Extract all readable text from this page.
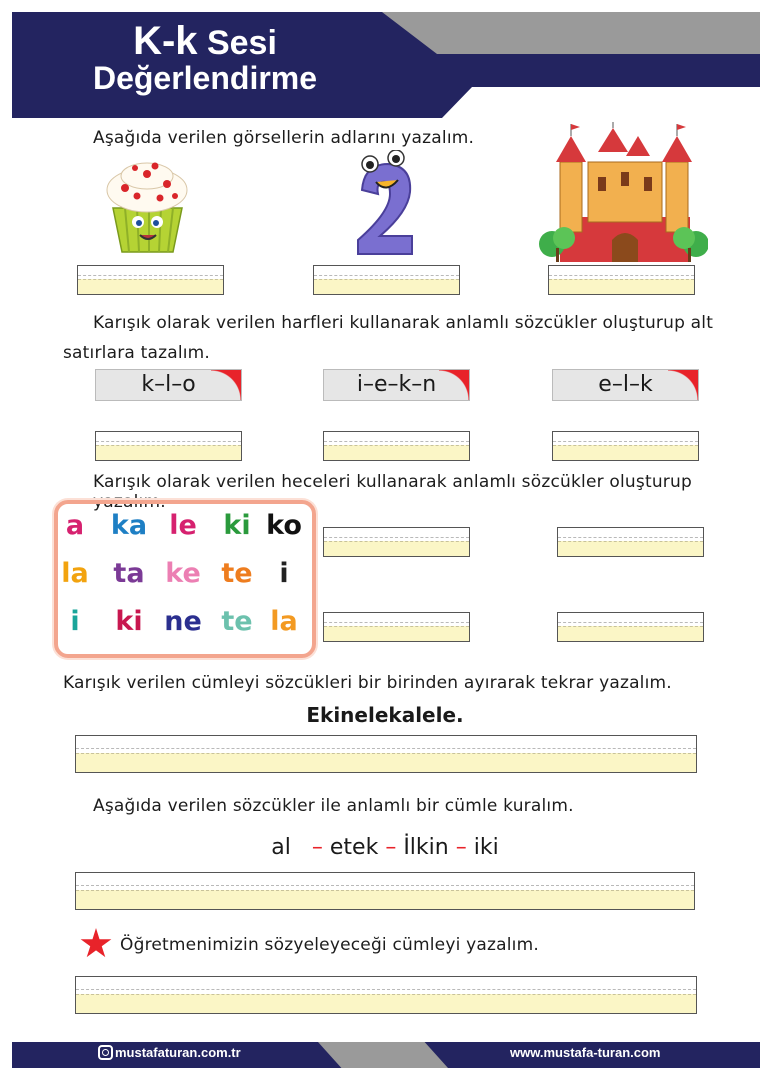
K-k Sesi
Değerlendirme
Aşağıda verilen görsellerin adlarını yazalım.
Karışık olarak verilen harfleri kullanarak anlamlı sözcükler oluşturup alt
satırlara tazalım.
k–l–o	i–e–k–n	e–l–k
Karışık olarak verilen heceleri kullanarak anlamlı sözcükler oluşturup yazalım.
a ka le ki ko
la ta ke te i
i	ki ne te la
Karışık verilen cümleyi sözcükleri bir birinden ayırarak tekrar yazalım.
Ekinelekalele.
Aşağıda verilen sözcükler ile anlamlı bir cümle kuralım.
al – etek – İlkin – iki
Öğretmenimizin sözyeleyeceği cümleyi yazalım.
mustafaturan.com.tr	www.mustafa-turan.com
